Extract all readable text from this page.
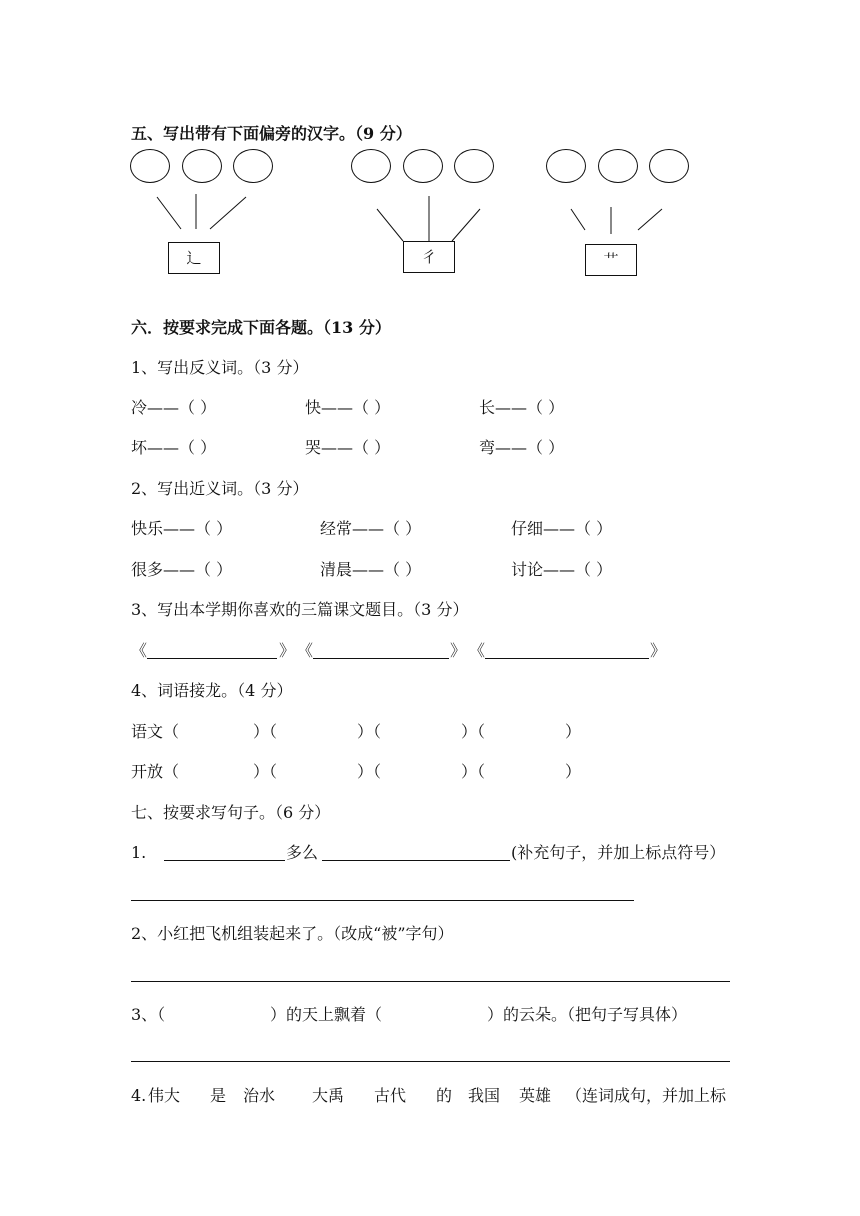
五、写出带有下面偏旁的汉字。（9 分）
辶	彳	艹
六．按要求完成下面各题。（13 分）
1、写出反义词。（3 分）
冷——（ ）	快——（ ）	长——（ ）
坏——（ ）	哭——（ ）	弯——（ ）
2、写出近义词。（3 分）
快乐——（ ）	经常——（ ）	仔细——（ ）
很多——（ ）	清晨——（ ）	讨论——（ ）
3、写出本学期你喜欢的三篇课文题目。（3 分）
《	》 《	》 《	》
4、词语接龙。（4 分）
语文（	）（	）（	）（	）
开放（	）（	）（	）（	）
七、按要求写句子。（6 分）
1.	多么	(补充句子，并加上标点符号）
2、小红把飞机组装起来了。（改成“被”字句）
3、（	）的天上飘着（	）的云朵。（把句子写具体）
4. 伟大 是 治水 大禹 古代 的 我国 英雄 （连词成句，并加上标
